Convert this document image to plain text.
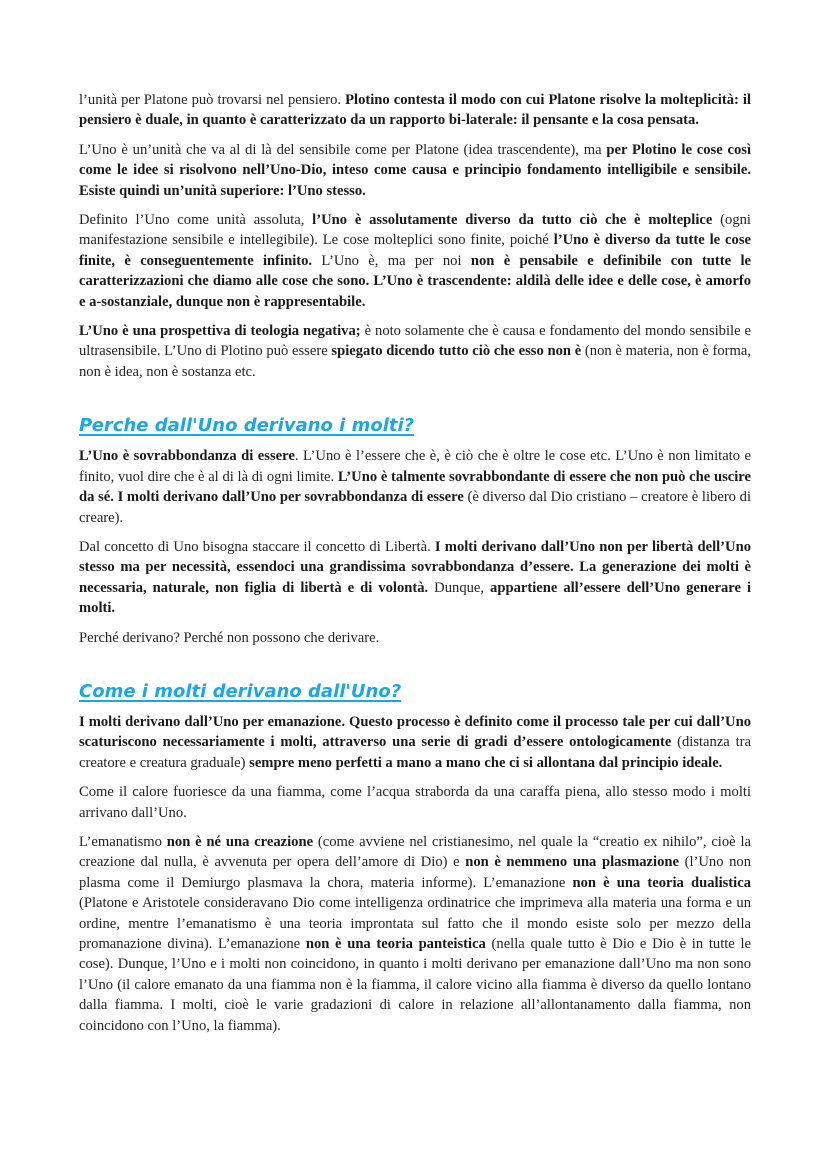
l’unità per Platone può trovarsi nel pensiero. Plotino contesta il modo con cui Platone risolve la molteplicità: il pensiero è duale, in quanto è caratterizzato da un rapporto bi-laterale: il pensante e la cosa pensata.

L’Uno è un’unità che va al di là del sensibile come per Platone (idea trascendente), ma per Plotino le cose così come le idee si risolvono nell’Uno-Dio, inteso come causa e principio fondamento intelligibile e sensibile. Esiste quindi un’unità superiore: l’Uno stesso.

Definito l’Uno come unità assoluta, l’Uno è assolutamente diverso da tutto ciò che è molteplice (ogni manifestazione sensibile e intellegibile). Le cose molteplici sono finite, poiché l’Uno è diverso da tutte le cose finite, è conseguentemente infinito. L’Uno è, ma per noi non è pensabile e definibile con tutte le caratterizzazioni che diamo alle cose che sono. L’Uno è trascendente: aldilà delle idee e delle cose, è amorfo e a-sostanziale, dunque non è rappresentabile.

L’Uno è una prospettiva di teologia negativa; è noto solamente che è causa e fondamento del mondo sensibile e ultrasensibile. L’Uno di Plotino può essere spiegato dicendo tutto ciò che esso non è (non è materia, non è forma, non è idea, non è sostanza etc.

Perche dall'Uno derivano i molti?

L’Uno è sovrabbondanza di essere. L’Uno è l’essere che è, è ciò che è oltre le cose etc. L’Uno è non limitato e finito, vuol dire che è al di là di ogni limite. L’Uno è talmente sovrabbondante di essere che non può che uscire da sé. I molti derivano dall’Uno per sovrabbondanza di essere (è diverso dal Dio cristiano – creatore è libero di creare).

Dal concetto di Uno bisogna staccare il concetto di Libertà. I molti derivano dall’Uno non per libertà dell’Uno stesso ma per necessità, essendoci una grandissima sovrabbondanza d’essere. La generazione dei molti è necessaria, naturale, non figlia di libertà e di volontà. Dunque, appartiene all’essere dell’Uno generare i molti.

Perché derivano? Perché non possono che derivare.

Come i molti derivano dall'Uno?

I molti derivano dall’Uno per emanazione. Questo processo è definito come il processo tale per cui dall’Uno scaturiscono necessariamente i molti, attraverso una serie di gradi d’essere ontologicamente (distanza tra creatore e creatura graduale) sempre meno perfetti a mano a mano che ci si allontana dal principio ideale.

Come il calore fuoriesce da una fiamma, come l’acqua straborda da una caraffa piena, allo stesso modo i molti arrivano dall’Uno.

L’emanatismo non è né una creazione (come avviene nel cristianesimo, nel quale la “creatio ex nihilo”, cioè la creazione dal nulla, è avvenuta per opera dell’amore di Dio) e non è nemmeno una plasmazione (l’Uno non plasma come il Demiurgo plasmava la chora, materia informe). L’emanazione non è una teoria dualistica (Platone e Aristotele consideravano Dio come intelligenza ordinatrice che imprimeva alla materia una forma e un ordine, mentre l’emanatismo è una teoria improntata sul fatto che il mondo esiste solo per mezzo della promanazione divina). L’emanazione non è una teoria panteistica (nella quale tutto è Dio e Dio è in tutte le cose). Dunque, l’Uno e i molti non coincidono, in quanto i molti derivano per emanazione dall’Uno ma non sono l’Uno (il calore emanato da una fiamma non è la fiamma, il calore vicino alla fiamma è diverso da quello lontano dalla fiamma. I molti, cioè le varie gradazioni di calore in relazione all’allontanamento dalla fiamma, non coincidono con l’Uno, la fiamma).
